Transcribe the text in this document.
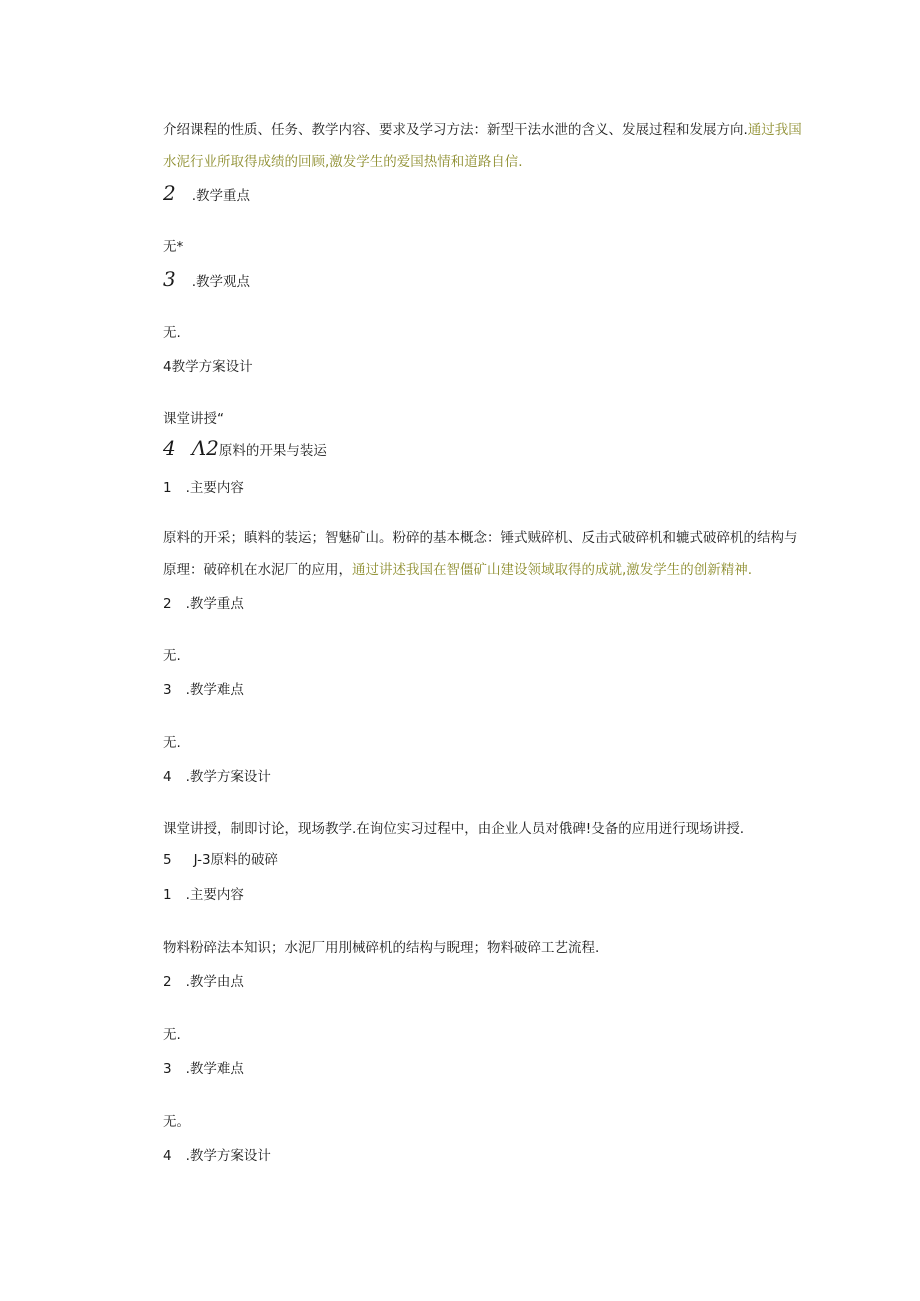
介绍课程的性质、任务、教学内容、要求及学习方法：新型干法水泄的含义、发展过程和发展方向.通过我国水泥行业所取得成绩的回顾,激发学生的爱国热情和道路自信.

2 .教学重点
无*
3 .教学观点
无.
4教学方案设计
课堂讲授“
4 Λ2原料的开果与装运
1 .主要内容

原料的开采；瞋料的装运；智魅矿山。粉碎的基本概念：锤式贼碎机、反击式破碎机和辘式破碎机的结构与原理：破碎机在水泥厂的应用，通过讲述我国在智僵矿山建设领域取得的成就,激发学生的创新精神.

2 .教学重点
无.
3 .教学难点
无.
4 .教学方案设计
课堂讲授，制即讨论，现场教学.在询位实习过程中，由企业人员对俄碑!殳备的应用迸行现场讲授.
5 J-3原料的破碎
1 .主要内容
物料粉碎法本知识；水泥厂用刖械碎机的结构与睨理；物料破碎工艺流程.
2 .教学由点
无.
3 .教学难点
无。
4 .教学方案设计
